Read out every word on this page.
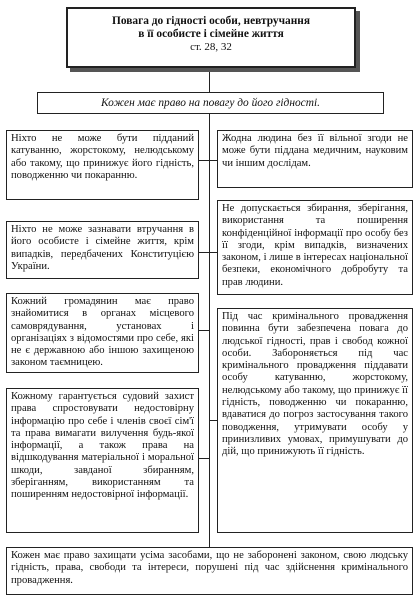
Повага до гідності особи, невтручання
в її особисте і сімейне життя
ст. 28, 32
Кожен має право на повагу до його гідності.
Ніхто не може бути підданий катуванню, жорстокому, нелюдському або такому, що принижує його гідність, поводженню чи покаранню.
Ніхто не може зазнавати втручання в його особисте і сімейне життя, крім випадків, передбачених Конституцією України.
Кожний громадянин має право знайомитися в органах місцевого самоврядування, установах і організаціях з відомостями про себе, які не є державною або іншою захищеною законом таємницею.
Кожному гарантується судовий захист права спростовувати недостовірну інформацію про себе і членів своєї сім'ї та права вимагати вилучення будь-якої інформації, а також права на відшкодування матеріальної і моральної шкоди, завданої збиранням, зберіганням, використанням та поширенням недостовірної інформації.
Жодна людина без її вільної згоди не може бути піддана медичним, науковим чи іншим дослідам.
Не допускається збирання, зберігання, використання та поширення конфіденційної інформації про особу без її згоди, крім випадків, визначених законом, і лише в інтересах національної безпеки, економічного добробуту та прав людини.
Під час кримінального провадження повинна бути забезпечена повага до людської гідності, прав і свобод кожної особи. Забороняється під час кримінального провадження піддавати особу катуванню, жорстокому, нелюдському або такому, що принижує її гідність, поводженню чи покаранню, вдаватися до погроз застосування такого поводження, утримувати особу у принизливих умовах, примушувати до дій, що принижують її гідність.
Кожен має право захищати усіма засобами, що не заборонені законом, свою людську гідність, права, свободи та інтереси, порушені під час здійснення кримінального провадження.
